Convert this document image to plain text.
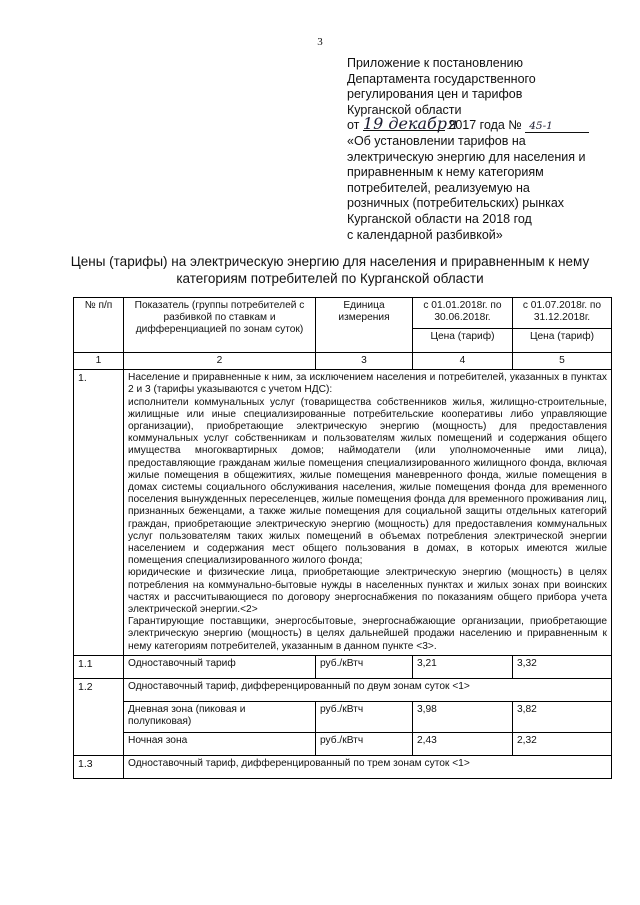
3
Приложение к постановлению
Департамента государственного
регулирования цен и тарифов
Курганской области
от 19 декабря 2017 года № 45-1
«Об установлении тарифов на
электрическую энергию для населения и
приравненным к нему категориям
потребителей, реализуемую на
розничных (потребительских) рынках
Курганской области на 2018 год
с календарной разбивкой»
Цены (тарифы) на электрическую энергию для населения и приравненным к нему
категориям потребителей по Курганской области
№ п/п	Показатель (группы потребителей с разбивкой по ставкам и дифференциацией по зонам суток)	Единица измерения	с 01.01.2018г. по 30.06.2018г.	с 01.07.2018г. по 31.12.2018г.
			Цена (тариф)	Цена (тариф)
1	2	3	4	5
1.	Население и приравненные к ним, за исключением населения и потребителей, указанных в пунктах 2 и 3 (тарифы указываются с учетом НДС):
исполнители коммунальных услуг (товарищества собственников жилья, жилищно-строительные, жилищные или иные специализированные потребительские кооперативы либо управляющие организации), приобретающие электрическую энергию (мощность) для предоставления коммунальных услуг собственникам и пользователям жилых помещений и содержания общего имущества многоквартирных домов; наймодатели (или уполномоченные ими лица), предоставляющие гражданам жилые помещения специализированного жилищного фонда, включая жилые помещения в общежитиях, жилые помещения маневренного фонда, жилые помещения в домах системы социального обслуживания населения, жилые помещения фонда для временного поселения вынужденных переселенцев, жилые помещения фонда для временного проживания лиц, признанных беженцами, а также жилые помещения для социальной защиты отдельных категорий граждан, приобретающие электрическую энергию (мощность) для предоставления коммунальных услуг пользователям таких жилых помещений в объемах потребления электрической энергии населением и содержания мест общего пользования в домах, в которых имеются жилые помещения специализированного жилого фонда;
юридические и физические лица, приобретающие электрическую энергию (мощность) в целях потребления на коммунально-бытовые нужды в населенных пунктах и жилых зонах при воинских частях и рассчитывающиеся по договору энергоснабжения по показаниям общего прибора учета электрической энергии.<2>
Гарантирующие поставщики, энергосбытовые, энергоснабжающие организации, приобретающие электрическую энергию (мощность) в целях дальнейшей продажи населению и приравненным к нему категориям потребителей, указанным в данном пункте <3>.			

1.1	Одноставочный тариф	руб./кВтч	3,21	3,32
1.2	Одноставочный тариф, дифференцированный по двум зонам суток <1>			
	Дневная зона (пиковая и полупиковая)	руб./кВтч	3,98	3,82
	Ночная зона	руб./кВтч	2,43	2,32
1.3	Одноставочный тариф, дифференцированный по трем зонам суток <1>			
